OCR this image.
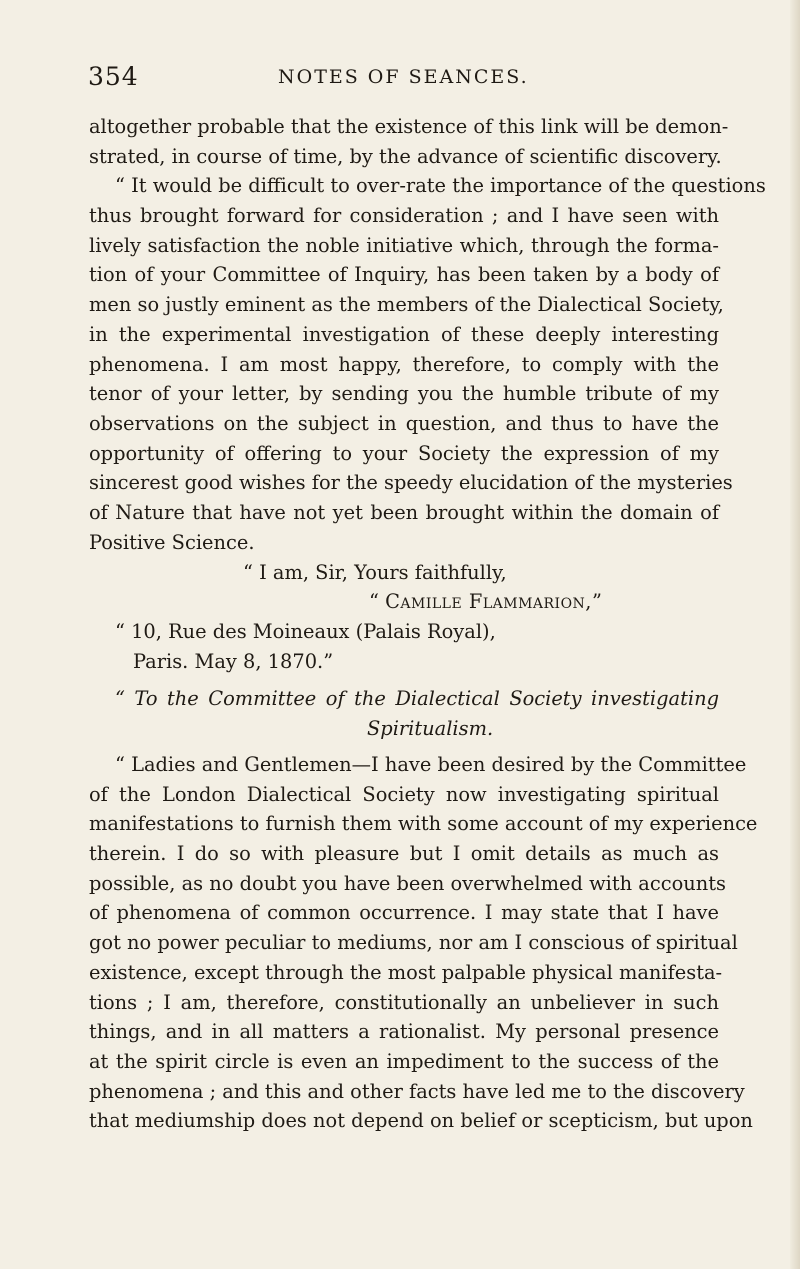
354	NOTES OF SEANCES.
altogether probable that the existence of this link will be demon-
strated, in course of time, by the advance of scientific discovery.
“ It would be difficult to over-rate the importance of the questions
thus brought forward for consideration ; and I have seen with
lively satisfaction the noble initiative which, through the forma-
tion of your Committee of Inquiry, has been taken by a body of
men so justly eminent as the members of the Dialectical Society,
in the experimental investigation of these deeply interesting
phenomena. I am most happy, therefore, to comply with the
tenor of your letter, by sending you the humble tribute of my
observations on the subject in question, and thus to have the
opportunity of offering to your Society the expression of my
sincerest good wishes for the speedy elucidation of the mysteries
of Nature that have not yet been brought within the domain of
Positive Science.
“ I am, Sir, Yours faithfully,
“ Camille Flammarion,”
“ 10, Rue des Moineaux (Palais Royal),
Paris. May 8, 1870.”
“ To the Committee of the Dialectical Society investigating
Spiritualism.
“ Ladies and Gentlemen—I have been desired by the Committee
of the London Dialectical Society now investigating spiritual
manifestations to furnish them with some account of my experience
therein. I do so with pleasure but I omit details as much as
possible, as no doubt you have been overwhelmed with accounts
of phenomena of common occurrence. I may state that I have
got no power peculiar to mediums, nor am I conscious of spiritual
existence, except through the most palpable physical manifesta-
tions ; I am, therefore, constitutionally an unbeliever in such
things, and in all matters a rationalist. My personal presence
at the spirit circle is even an impediment to the success of the
phenomena ; and this and other facts have led me to the discovery
that mediumship does not depend on belief or scepticism, but upon
